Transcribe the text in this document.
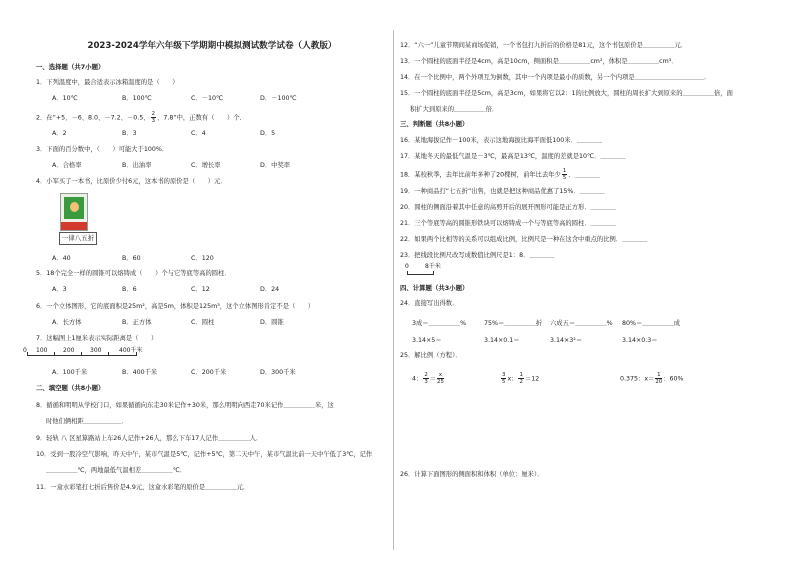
2023-2024学年六年级下学期期中模拟测试数学试卷（人教版）
一、选择题（共7小题）
1．下列温度中，最合适表示冰箱温度的是（　　）
A．10℃	B．100℃	C．－10℃	D．－100℃
2．在“+5、－6、8.0、－7.2、－0.5、 $\frac{2}{3}$ 、7.8”中，正数有（　　）个．
A．2	B．3	C．4	D．5
3．下面的百分数中，（　　）可能大于100%．
A．合格率	B．出油率	C．增长率	D．中奖率
4．小军买了一本书，比原价少付6元，这本书的原价是（　　）元．
一律八五折
A．40	B．60	C．120
5．18个完全一样的圆锥可以熔铸成（　　）个与它等底等高的圆柱．
A．3	B．6	C．12	D．24
6．一个立体图形，它的底面积是25m²，高是5m，体积是125m³，这个立体图形肯定不是（　　）
A．长方体	B．正方体	C．圆柱	D．圆锥
7．这幅图上1厘米表示实际距离是（　　）
0 100	200	300	400千米
A．100千米	B．400千米	C．200千米	D．300千米
二、填空题（共8小题）
8．循循和明明从学校门口，如果循循向东走30米记作+30米，那么明明向西走70米记作＿＿＿＿＿米，这
时他们俩相距＿＿＿＿＿＿．
9．轻轨 八 区星算路站上车26人记作+26人，那么下车17人记作＿＿＿＿＿人．
10．受到一股冷空气影响，昨天中午，某市气温是5℃，记作+5℃，第二天中午，某市气温比前一天中午低了3℃，记作
＿＿＿＿＿℃，两地最低气温相差＿＿＿＿＿℃．
11．一盒水彩笔打七折后售价是4.9元，这盒水彩笔的原价是＿＿＿＿＿元．
12．“六一”儿童节期间某商场促销，一个书包打九折后的价格是81元，这个书包原价是＿＿＿＿＿元．
13．一个圆柱的底面半径是4cm，高是10cm，侧面积是＿＿＿＿＿cm²，体积是＿＿＿＿＿cm³．
14．在一个比例中，两个外项互为倒数，其中一个内项是最小的质数，另一个内项是＿＿＿＿＿＿＿＿＿＿＿．
15．一个圆柱的底面半径是5cm，高是3cm，如果将它以2：1的比例放大，圆柱的周长扩大到原来的＿＿＿＿＿倍，面
积扩大到原来的＿＿＿＿＿倍．
三、判断题（共8小题）
16．某地海拔记作－100米，表示这地海拔比海平面低100米．＿＿＿＿
17．某地冬天的最低气温是－3℃，最高是13℃，温度的差就是10℃．＿＿＿＿
18．某校秋季，去年比前年多种了20棵树，前年比去年少 $\frac{1}{5}$ ．＿＿＿＿
19．一种商品打“七五折”出售，也就是把这种商品优惠了15%．＿＿＿＿
20．圆柱的侧面沿着其中任意的高剪开后的展开图形可能是正方形．＿＿＿＿
21．三个等底等高的圆锥形铁块可以熔铸成一个与等底等高的圆柱．＿＿＿＿
22．如果两个比相等的关系可以组成比例，比例尺是一种在这含中重点的比例．＿＿＿＿
23．把线段比例尺改写成数值比例尺是1：8．＿＿＿＿
四、计算题（共3小题）
24．直接写出得数．
3成＝＿＿＿＿＿%	75%＝＿＿＿＿＿折 六成五＝＿＿＿＿＿% 80%＝＿＿＿＿＿成
3.14×5＝	3.14×0.1＝	3.14×3²＝	3.14×0.3＝
25．解比例（方程）．
4： $\frac{2}{3} = \frac{x}{25}$	$\frac{3}{5}$ x： $\frac{1}{2} =12$	0.375：$x= \frac{1}{20}$ ：60%
26．计算下面图形的侧面积和体积（单位：厘米）．
0	8千米
